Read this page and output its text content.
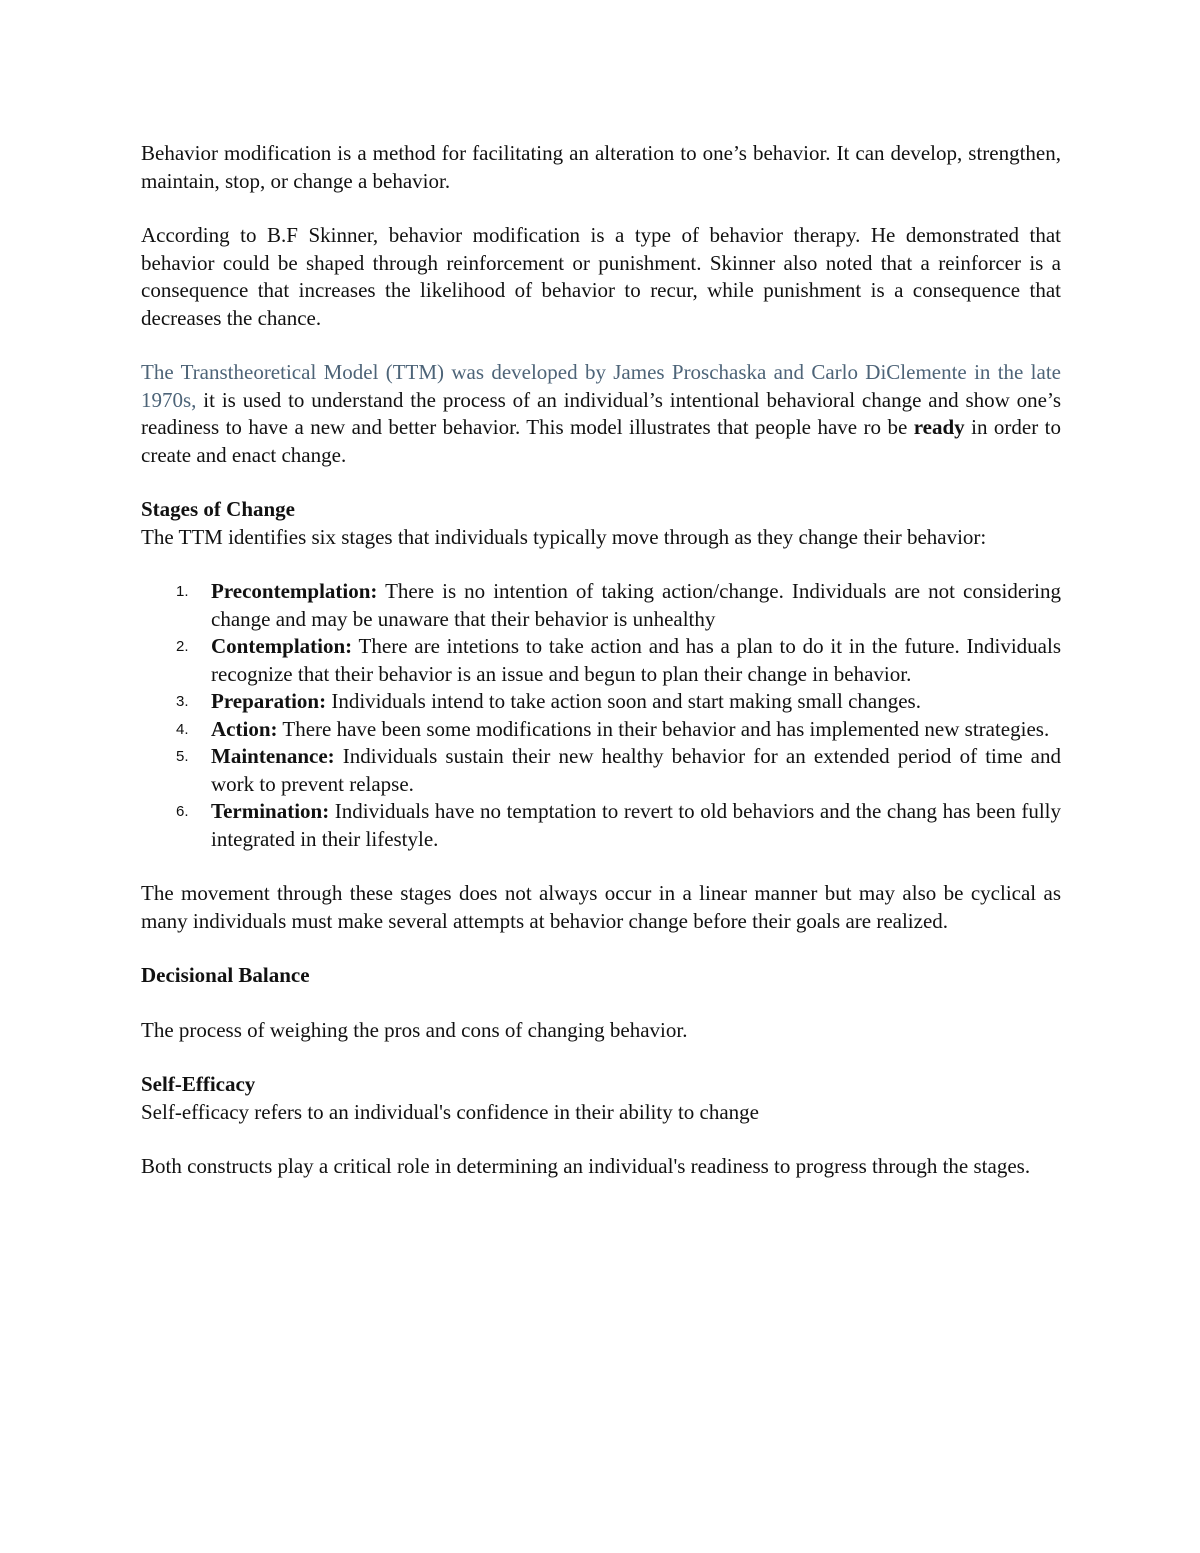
Behavior modification is a method for facilitating an alteration to one’s behavior. It can develop, strengthen, maintain, stop, or change a behavior.

According to B.F Skinner, behavior modification is a type of behavior therapy. He demonstrated that behavior could be shaped through reinforcement or punishment. Skinner also noted that a reinforcer is a consequence that increases the likelihood of behavior to recur, while punishment is a consequence that decreases the chance.

The Transtheoretical Model (TTM) was developed by James Proschaska and Carlo DiClemente in the late 1970s, it is used to understand the process of an individual’s intentional behavioral change and show one’s readiness to have a new and better behavior. This model illustrates that people have ro be ready in order to create and enact change.

Stages of Change

The TTM identifies six stages that individuals typically move through as they change their behavior:

1. Precontemplation: There is no intention of taking action/change. Individuals are not considering change and may be unaware that their behavior is unhealthy
2. Contemplation: There are intetions to take action and has a plan to do it in the future. Individuals recognize that their behavior is an issue and begun to plan their change in behavior.
3. Preparation: Individuals intend to take action soon and start making small changes.
4. Action: There have been some modifications in their behavior and has implemented new strategies.
5. Maintenance: Individuals sustain their new healthy behavior for an extended period of time and work to prevent relapse.
6. Termination: Individuals have no temptation to revert to old behaviors and the chang has been fully integrated in their lifestyle.

The movement through these stages does not always occur in a linear manner but may also be cyclical as many individuals must make several attempts at behavior change before their goals are realized.

Decisional Balance

The process of weighing the pros and cons of changing behavior.

Self-Efficacy

Self-efficacy refers to an individual's confidence in their ability to change

Both constructs play a critical role in determining an individual's readiness to progress through the stages.
